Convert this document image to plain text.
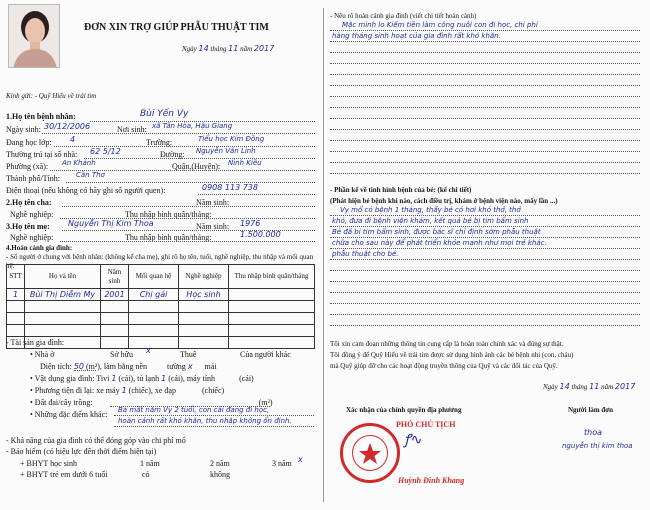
ĐƠN XIN TRỢ GIÚP PHẪU THUẬT TIM
Ngày 14 tháng 11 năm 2017
Kính gửi: - Quỹ Hiểu về trái tim
1.Họ tên bệnh nhân:	Bùi Yến Vy
Ngày sinh: 30/12/2006	Nơi sinh: xã Tân Hòa, Hậu Giang
Đang học lớp: 4	Trường:	Tiểu học Kim Đồng
Thường trú tại số nhà: 62 5/12	Đường: Nguyễn Văn Linh
Phường (xã): An Khánh	Quận,(Huyện): Ninh Kiều
Thành phố/Tỉnh: Cần Thơ
Điện thoại (nếu không có hãy ghi số người quen):	0908 113 738
2.Họ tên cha:	Năm sinh:
Nghề nghiệp:	Thu nhập bình quân/tháng:
3.Họ tên mẹ: Nguyễn Thị Kim Thoa	Năm sinh: 1976
Nghề nghiệp:	Thu nhập bình quân/tháng:	1.500.000
4.Hoàn cảnh gia đình:
- Số người ở chung với bệnh nhân: (không kể cha mẹ), ghi rõ họ tên, tuổi, nghề nghiệp, thu nhập và mối quan hệ.
STT	Họ và tên	Năm sinh	Mối quan hệ	Nghề nghiệp	Thu nhập bình quân/tháng
1	Bùi Thị Diễm My	2001	Chị gái	Học sinh	

- Tài sản gia đình:
• Nhà ở	Sở hữu x	Thuê	Của người khác
Diện tích: 50 (m²), làm bằng nền	tường x mái
• Vật dụng gia đình: Tivi 1 (cái), tủ lạnh 1 (cái), máy tính	(cái)
• Phương tiện đi lại: xe máy 1 (chiếc), xe đạp	(chiếc)
• Đất đai/cây trồng:	(m²)
• Những đặc điểm khác: Ba mất năm Vy 2 tuổi, con cái đang đi học,
hoàn cảnh rất khó khăn, thu nhập không ổn định.
- Khả năng của gia đình có thể đóng góp vào chi phí mổ
- Bảo hiểm (có hiệu lực đến thời điểm hiện tại)
+ BHYT học sinh	1 năm	2 năm	3 năm x
+ BHYT trẻ em dưới 6 tuổi	có	không
- Nêu rõ hoàn cảnh gia đình (viết chi tiết hoàn cảnh)
Mặc mình lo Kiếm tiền làm công nuôi con đi học, chi phí
hàng tháng sinh hoạt của gia đình rất khó khăn.
- Phần kể về tình hình bệnh của bé: (kể chi tiết)
(Phát hiện bé bệnh khi nào, cách điều trị, khám ở bệnh viện nào, mấy lần ...)
Vy mổ có bệnh 1 tháng, thấy bé có hơi khó thở, thở
khó, đưa đi bệnh viện khám, kết quả bé bị tim bẩm sinh
Bé đã bị tim bẩm sinh, được bác sĩ chỉ định sớm phẫu thuật
chữa cho sau này để phát triển khỏe mạnh như mọi trẻ khác.
phẫu thuật cho bé.
Tôi xin cam đoan những thông tin cung cấp là hoàn toàn chính xác và đúng sự thật.
Tôi đồng ý để Quỹ Hiểu về trái tim được sử dụng hình ảnh các bé bệnh nhi (con, cháu)
mà Quỹ giúp đỡ cho các hoạt động truyền thông của Quỹ và các đối tác của Quỹ.
Ngày 14 tháng 11 năm 2017
Xác nhận của chính quyền địa phương	Người làm đơn
PHÓ CHỦ TỊCH
ꝭ∿
Huỳnh Đình Khang
thoa
nguyễn thị kim thoa
